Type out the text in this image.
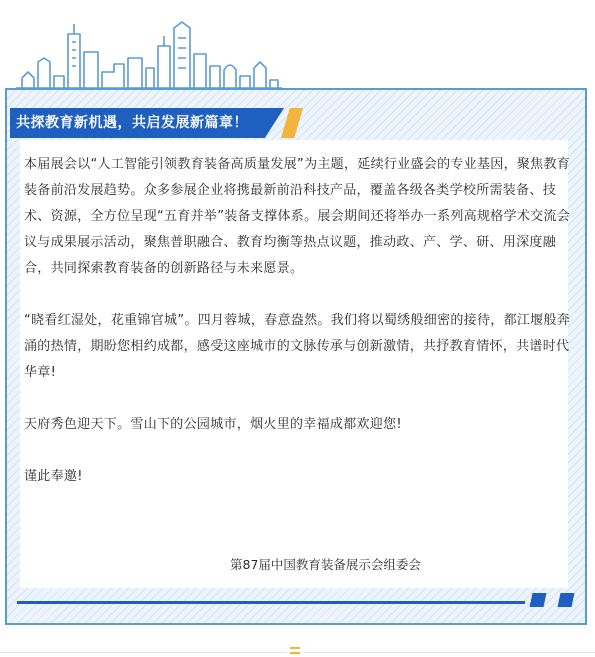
共探教育新机遇，共启发展新篇章！

本届展会以“人工智能引领教育装备高质量发展”为主题，延续行业盛会的专业基因，聚焦教育装备前沿发展趋势。众多参展企业将携最新前沿科技产品，覆盖各级各类学校所需装备、技术、资源，全方位呈现“五育并举”装备支撑体系。展会期间还将举办一系列高规格学术交流会议与成果展示活动，聚焦普职融合、教育均衡等热点议题，推动政、产、学、研、用深度融合，共同探索教育装备的创新路径与未来愿景。

“晓看红湿处，花重锦官城”。四月蓉城，春意盎然。我们将以蜀绣般细密的接待，都江堰般奔涌的热情，期盼您相约成都，感受这座城市的文脉传承与创新激情，共抒教育情怀，共谱时代华章!

天府秀色迎天下。雪山下的公园城市，烟火里的幸福成都欢迎您!

谨此奉邀!

第87届中国教育装备展示会组委会
